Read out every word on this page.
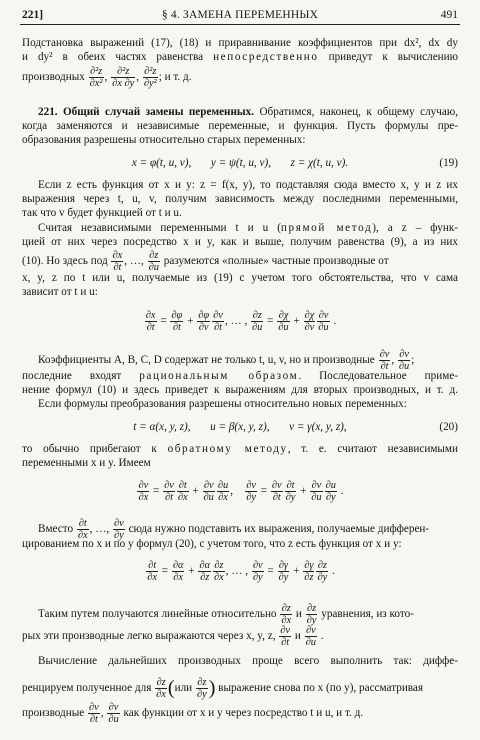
221]	§ 4. ЗАМЕНА ПЕРЕМЕННЫХ	491
Подстановка выражений (17), (18) и приравнивание коэффициентов при dx², dx dy
и dy² в обеих частях равенства непосредственно приведут к вычислению
производных $\frac{\text{∂²z}}{\text{∂x²}}$ , $\frac{\text{∂²z}}{\partial x \partial y}$ , $\frac{\text{∂²z}}{\text{∂y²}}$ ; и т. д.
221. Общий случай замены переменных. Обратимся, наконец, к общему случаю,
когда заменяются и независимые переменные, и функция. Пусть формулы пре-
образования разрешены относительно старых переменных:
x = φ(t, u, v),       y = ψ(t, u, v),       z = χ(t, u, v).	(19)
Если z есть функция от x и y: z = f(x, y), то подставляя сюда вместо x, y и z их
выражения через t, u, v, получим зависимость между последними переменными,
так что v будет функцией от t и u.
Считая независимыми переменными t и u (прямой метод), а z – функ-
цией от них через посредство x и y, как и выше, получим равенства (9), а из них
(10). Но здесь под $\frac{\partial x}{\partial t}$ , …, $\frac{\partial z}{\partial u}$ разумеются «полные» частные производные от
x, y, z по t или u, получаемые из (19) с учетом того обстоятельства, что v сама
зависит от t и u:
$\frac{\partial x}{\partial t} = \frac{\partial\varphi}{\partial t} + \frac{\partial\varphi}{\partial v} \frac{\partial v}{\partial t}$ , … , $\frac{\partial z}{\partial u} = \frac{\partial\chi}{\partial u} + \frac{\partial\chi}{\partial v} \frac{\partial v}{\partial u}$ .
Коэффициенты A, B, C, D содержат не только t, u, v, но и производные $\frac{\partial v}{\partial t}$ , $\frac{\partial v}{\partial u}$ ;
последние входят рациональным образом. Последовательное приме-
нение формул (10) и здесь приведет к выражениям для вторых производных, и т. д.
Если формулы преобразования разрешены относительно новых переменных:
t = α(x, y, z),       u = β(x, y, z),       v = γ(x, y, z),	(20)
то обычно прибегают к обратному методу, т. е. считают независимыми
переменными x и y. Имеем
$\frac{\partial v}{\partial x} = \frac{\partial v}{\partial t} \frac{\partial t}{\partial x} + \frac{\partial v}{\partial u} \frac{\partial u}{\partial x}$ , $\frac{\partial v}{\partial y} = \frac{\partial v}{\partial t} \frac{\partial t}{\partial y} + \frac{\partial v}{\partial u} \frac{\partial u}{\partial y}$ .
Вместо $\frac{\partial t}{\partial x}$ , …, $\frac{\partial v}{\partial y}$ сюда нужно подставить их выражения, получаемые дифферен-
цированием по x и по y формул (20), с учетом того, что z есть функция от x и y:
$\frac{\partial t}{\partial x} = \frac{\partial\alpha}{\partial x} + \frac{\partial\alpha}{\partial z} \frac{\partial z}{\partial x}$ , … , $\frac{\partial v}{\partial y} = \frac{\partial\gamma}{\partial y} + \frac{\partial\gamma}{\partial z} \frac{\partial z}{\partial y}$ .
Таким путем получаются линейные относительно $\frac{\partial z}{\partial x}$ и $\frac{\partial z}{\partial y}$ уравнения, из кото-
рых эти производные легко выражаются через x, y, z, $\frac{\partial v}{\partial t}$ и $\frac{\partial v}{\partial u}$ .
Вычисление дальнейших производных проще всего выполнить так: диффе-
ренцируем полученное для $\frac{\partial z}{\partial x} (или \frac{\partial z}{\partial y}$ ) выражение снова по x (по y), рассматривая
производные $\frac{\partial v}{\partial t}$ , $\frac{\partial v}{\partial u}$ как функции от x и y через посредство t и u, и т. д.
